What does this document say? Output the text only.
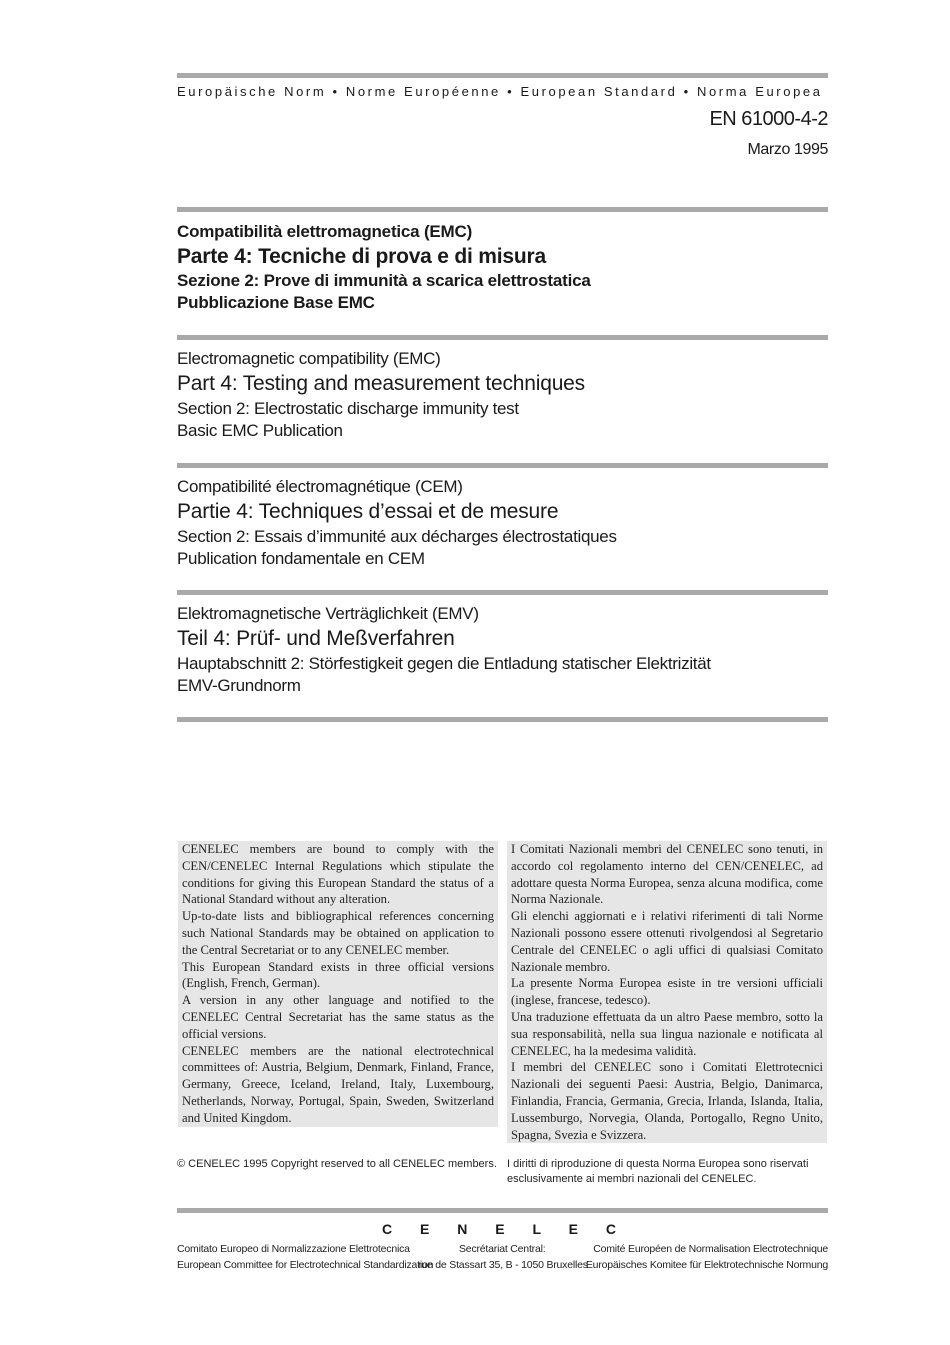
Europäische Norm • Norme Européenne • European Standard • Norma Europea
EN 61000-4-2
Marzo 1995
Compatibilità elettromagnetica (EMC)
Parte 4: Tecniche di prova e di misura
Sezione 2: Prove di immunità a scarica elettrostatica
Pubblicazione Base EMC
Electromagnetic compatibility (EMC)
Part 4: Testing and measurement techniques
Section 2: Electrostatic discharge immunity test
Basic EMC Publication
Compatibilité électromagnétique (CEM)
Partie 4: Techniques d’essai et de mesure
Section 2: Essais d’immunité aux décharges électrostatiques
Publication fondamentale en CEM
Elektromagnetische Verträglichkeit (EMV)
Teil 4: Prüf- und Meßverfahren
Hauptabschnitt 2: Störfestigkeit gegen die Entladung statischer Elektrizität
EMV-Grundnorm

CENELEC members are bound to comply with the CEN/CENELEC Internal Regulations which stipulate the conditions for giving this European Standard the status of a National Standard without any alteration.

Up-to-date lists and bibliographical references concerning such National Standards may be obtained on application to the Central Secretariat or to any CENELEC member.

This European Standard exists in three official versions (English, French, German).

A version in any other language and notified to the CENELEC Central Secretariat has the same status as the official versions.

CENELEC members are the national electrotechnical committees of: Austria, Belgium, Denmark, Finland, France, Germany, Greece, Iceland, Ireland, Italy, Luxembourg, Netherlands, Norway, Portugal, Spain, Sweden, Switzerland and United Kingdom.

I Comitati Nazionali membri del CENELEC sono tenuti, in accordo col regolamento interno del CEN/CENELEC, ad adottare questa Norma Europea, senza alcuna modifica, come Norma Nazionale.

Gli elenchi aggiornati e i relativi riferimenti di tali Norme Nazionali possono essere ottenuti rivolgendosi al Segretario Centrale del CENELEC o agli uffici di qualsiasi Comitato Nazionale membro.

La presente Norma Europea esiste in tre versioni ufficiali (inglese, francese, tedesco).

Una traduzione effettuata da un altro Paese membro, sotto la sua responsabilità, nella sua lingua nazionale e notificata al CENELEC, ha la medesima validità.

I membri del CENELEC sono i Comitati Elettrotecnici Nazionali dei seguenti Paesi: Austria, Belgio, Danimarca, Finlandia, Francia, Germania, Grecia, Irlanda, Islanda, Italia, Lussemburgo, Norvegia, Olanda, Portogallo, Regno Unito, Spagna, Svezia e Svizzera.

© CENELEC 1995 Copyright reserved to all CENELEC members. I diritti di riproduzione di questa Norma Europea sono riservati esclusivamente ai membri nazionali del CENELEC.
C E N E L E C
Comitato Europeo di Normalizzazione Elettrotecnica
European Committee for Electrotechnical Standardization
Secrétariat Central:
rue de Stassart 35, B - 1050 Bruxelles
Comité Européen de Normalisation Electrotechnique
Europäisches Komitee für Elektrotechnische Normung
